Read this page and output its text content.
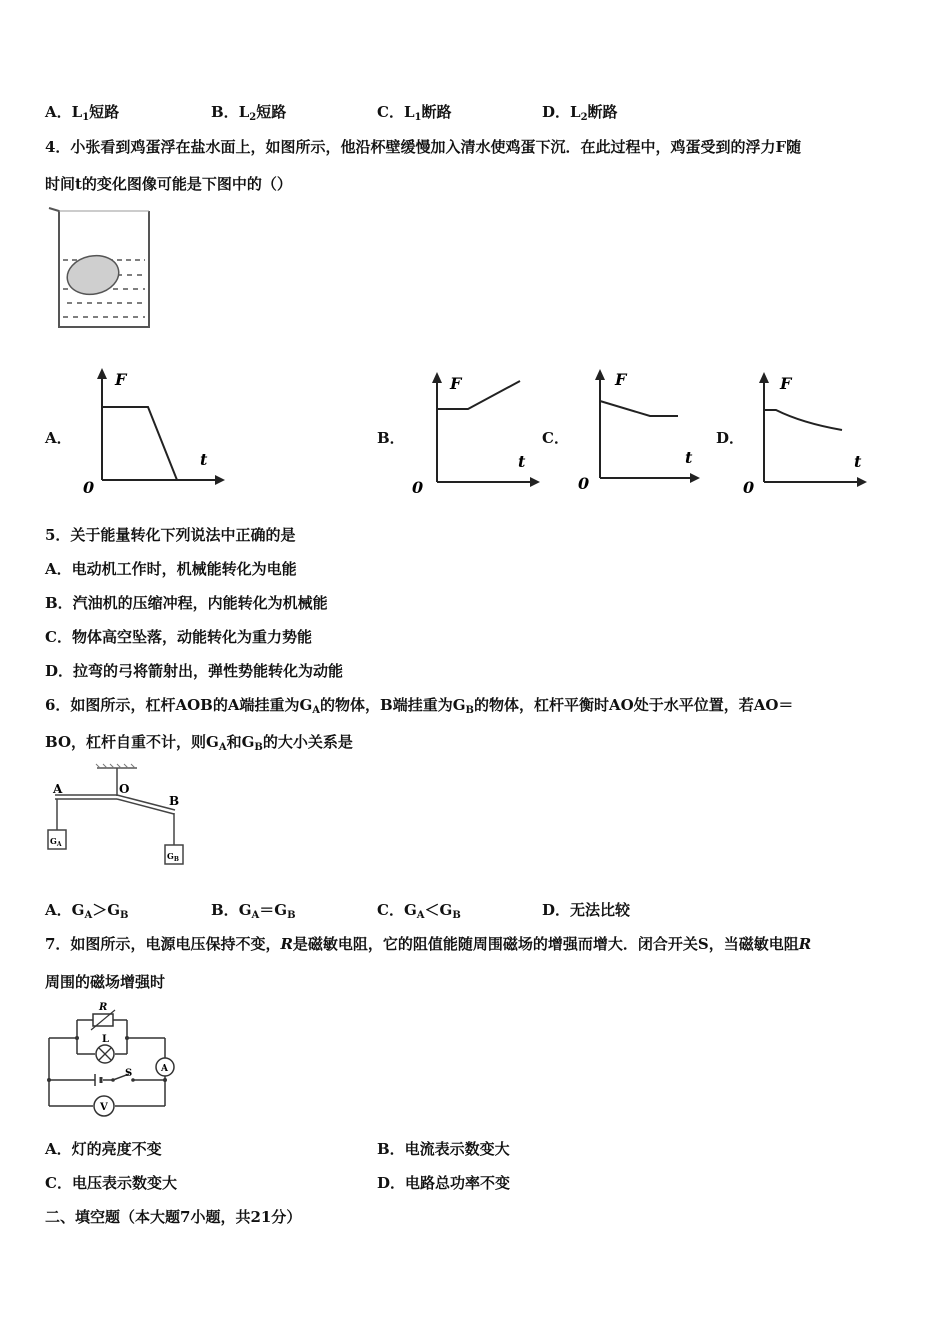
A．$L_1$短路	B．$L_2$短路	C．$L_1$断路	D．$L_2$断路
4．小张看到鸡蛋浮在盐水面上，如图所示，他沿杯壁缓慢加入清水使鸡蛋下沉．在此过程中，鸡蛋受到的浮力F随
时间t的变化图像可能是下图中的（）
A．
F
t
0
B．
F
t
0
C．
F
t
0
D．
F
t
0
5．关于能量转化下列说法中正确的是
A．电动机工作时，机械能转化为电能
B．汽油机的压缩冲程，内能转化为机械能
C．物体高空坠落，动能转化为重力势能
D．拉弯的弓将箭射出，弹性势能转化为动能
6．如图所示，杠杆AOB的A端挂重为$G_A$的物体，B端挂重为$G_B$的物体，杠杆平衡时AO处于水平位置，若AO＝
BO，杠杆自重不计，则$G_A$和$G_B$的大小关系是
A	O
B
$G_A$
$G_B$
A．$G_A>G_B$	B．$G_A=G_B$	C．$G_A<G_B$	D．无法比较
7．如图所示，电源电压保持不变，R是磁敏电阻，它的阻值能随周围磁场的增强而增大．闭合开关S，当磁敏电阻R
周围的磁场增强时
R
L
A
V
S
A．灯的亮度不变	B．电流表示数变大
C．电压表示数变大	D．电路总功率不变
二、填空题（本大题7小题，共21分）
